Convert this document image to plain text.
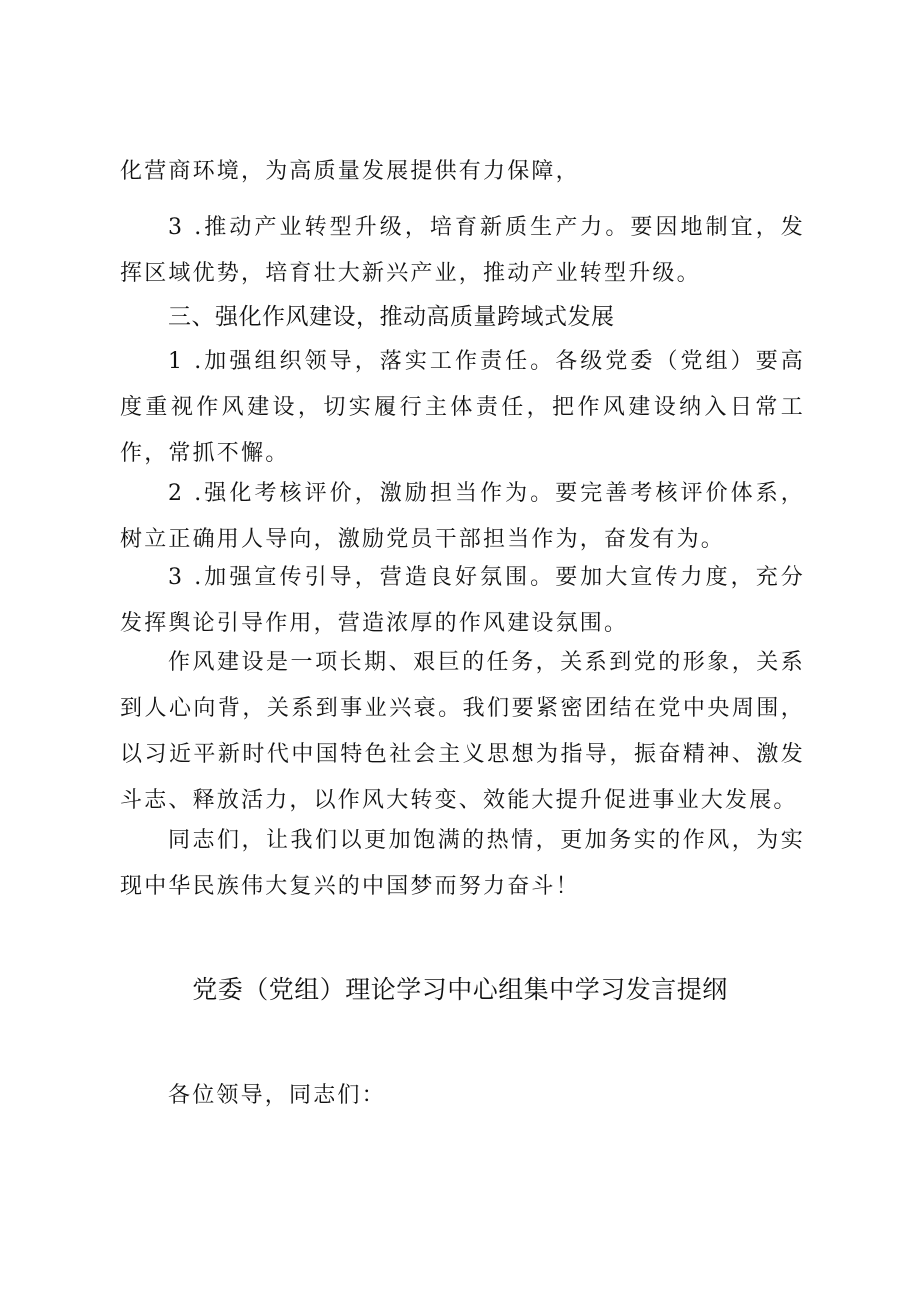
化营商环境，为高质量发展提供有力保障，

3 .推动产业转型升级，培育新质生产力。要因地制宜，发挥区域优势，培育壮大新兴产业，推动产业转型升级。

三、强化作风建设，推动高质量跨域式发展

1 .加强组织领导，落实工作责任。各级党委（党组）要高度重视作风建设，切实履行主体责任，把作风建设纳入日常工作，常抓不懈。

2 .强化考核评价，激励担当作为。要完善考核评价体系，树立正确用人导向，激励党员干部担当作为，奋发有为。

3 .加强宣传引导，营造良好氛围。要加大宣传力度，充分发挥舆论引导作用，营造浓厚的作风建设氛围。

作风建设是一项长期、艰巨的任务，关系到党的形象，关系到人心向背，关系到事业兴衰。我们要紧密团结在党中央周围，以习近平新时代中国特色社会主义思想为指导，振奋精神、激发斗志、释放活力，以作风大转变、效能大提升促进事业大发展。

同志们，让我们以更加饱满的热情，更加务实的作风，为实现中华民族伟大复兴的中国梦而努力奋斗！

党委（党组）理论学习中心组集中学习发言提纲

各位领导，同志们：
